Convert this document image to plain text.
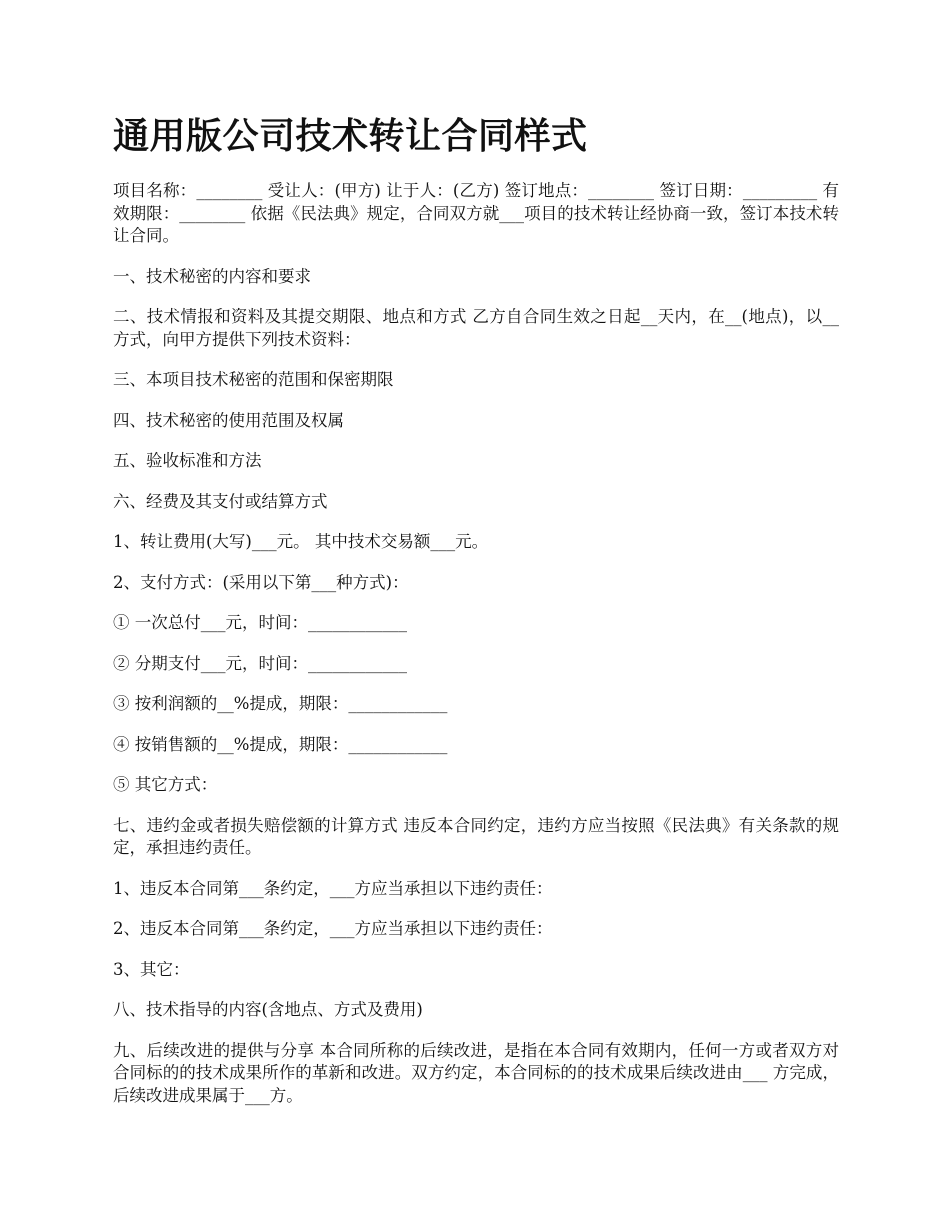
通用版公司技术转让合同样式

项目名称：________ 受让人：(甲方) 让于人：(乙方) 签订地点：________ 签订日期：_________ 有效期限：________ 依据《民法典》规定，合同双方就___项目的技术转让经协商一致，签订本技术转让合同。

一、技术秘密的内容和要求

二、技术情报和资料及其提交期限、地点和方式 乙方自合同生效之日起__天内，在__(地点)，以__方式，向甲方提供下列技术资料：

三、本项目技术秘密的范围和保密期限

四、技术秘密的使用范围及权属

五、验收标准和方法

六、经费及其支付或结算方式

1、转让费用(大写)___元。 其中技术交易额___元。

2、支付方式：(采用以下第___种方式)：

① 一次总付___元，时间：____________

② 分期支付___元，时间：____________

③ 按利润额的__%提成，期限：____________

④ 按销售额的__%提成，期限：____________

⑤ 其它方式：

七、违约金或者损失赔偿额的计算方式 违反本合同约定，违约方应当按照《民法典》有关条款的规定，承担违约责任。

1、违反本合同第___条约定，___方应当承担以下违约责任：

2、违反本合同第___条约定，___方应当承担以下违约责任：

3、其它：

八、技术指导的内容(含地点、方式及费用)

九、后续改进的提供与分享 本合同所称的后续改进，是指在本合同有效期内，任何一方或者双方对合同标的的技术成果所作的革新和改进。双方约定，本合同标的的技术成果后续改进由___ 方完成，后续改进成果属于___方。
